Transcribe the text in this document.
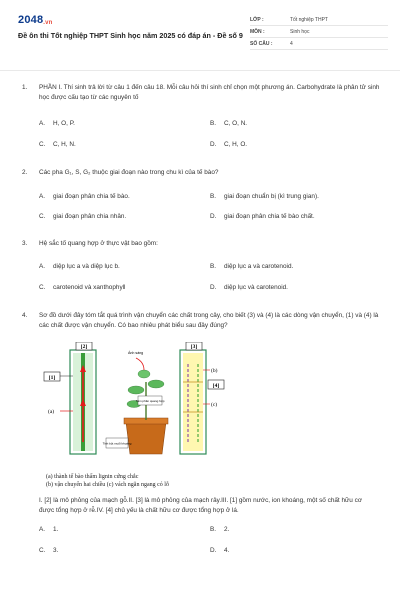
2048.vn
Đề ôn thi Tốt nghiệp THPT Sinh học năm 2025 có đáp án - Đề số 9
LỚP :	Tốt nghiệp THPT
MÔN :	Sinh học
SỐ CÂU :	4
1. PHẦN I. Thí sinh trả lời từ câu 1 đến câu 18. Mỗi câu hỏi thí sinh chỉ chọn một phương án. Carbohydrate là phân tử sinh học được cấu tạo từ các nguyên tố
A. H, O, P.	B. C, O, N.
C. C, H, N.	D. C, H, O.
2. Các pha G₁, S, G₂ thuộc giai đoạn nào trong chu kì của tế bào?
A. giai đoạn phân chia tế bào.	B. giai đoạn chuẩn bị (kì trung gian).
C. giai đoạn phân chia nhân.	D. giai đoạn phân chia tế bào chất.
3. Hệ sắc tố quang hợp ở thực vật bao gồm:
A. diệp lục a và diệp lục b.	B. diệp lục a và carotenoid.
C. carotenoid và xanthophyll	D. diệp lục và carotenoid.
4. Sơ đồ dưới đây tóm tắt quá trình vận chuyển các chất trong cây, cho biết (3) và (4) là các dòng vận chuyển, (1) và (4) là các chất được vận chuyển. Có bao nhiêu phát biểu sau đây đúng?
[2]
[1]
(a)
Ánh sáng
Tâm phân quang hợp
Tinh bột muối khoáng
[3]
(b)
[4]
(c)
(a) thành tế bào thấm lignin cứng chắc
(b) vận chuyển hai chiều (c) vách ngăn ngang có lỗ
I. [2] là mô phỏng của mạch gỗ.II. [3] là mô phỏng của mạch rây.III. [1] gồm nước, ion khoáng, một số chất hữu cơ được tổng hợp ở rễ.IV. [4] chủ yếu là chất hữu cơ được tổng hợp ở lá.
A. 1.	B. 2.
C. 3.	D. 4.
